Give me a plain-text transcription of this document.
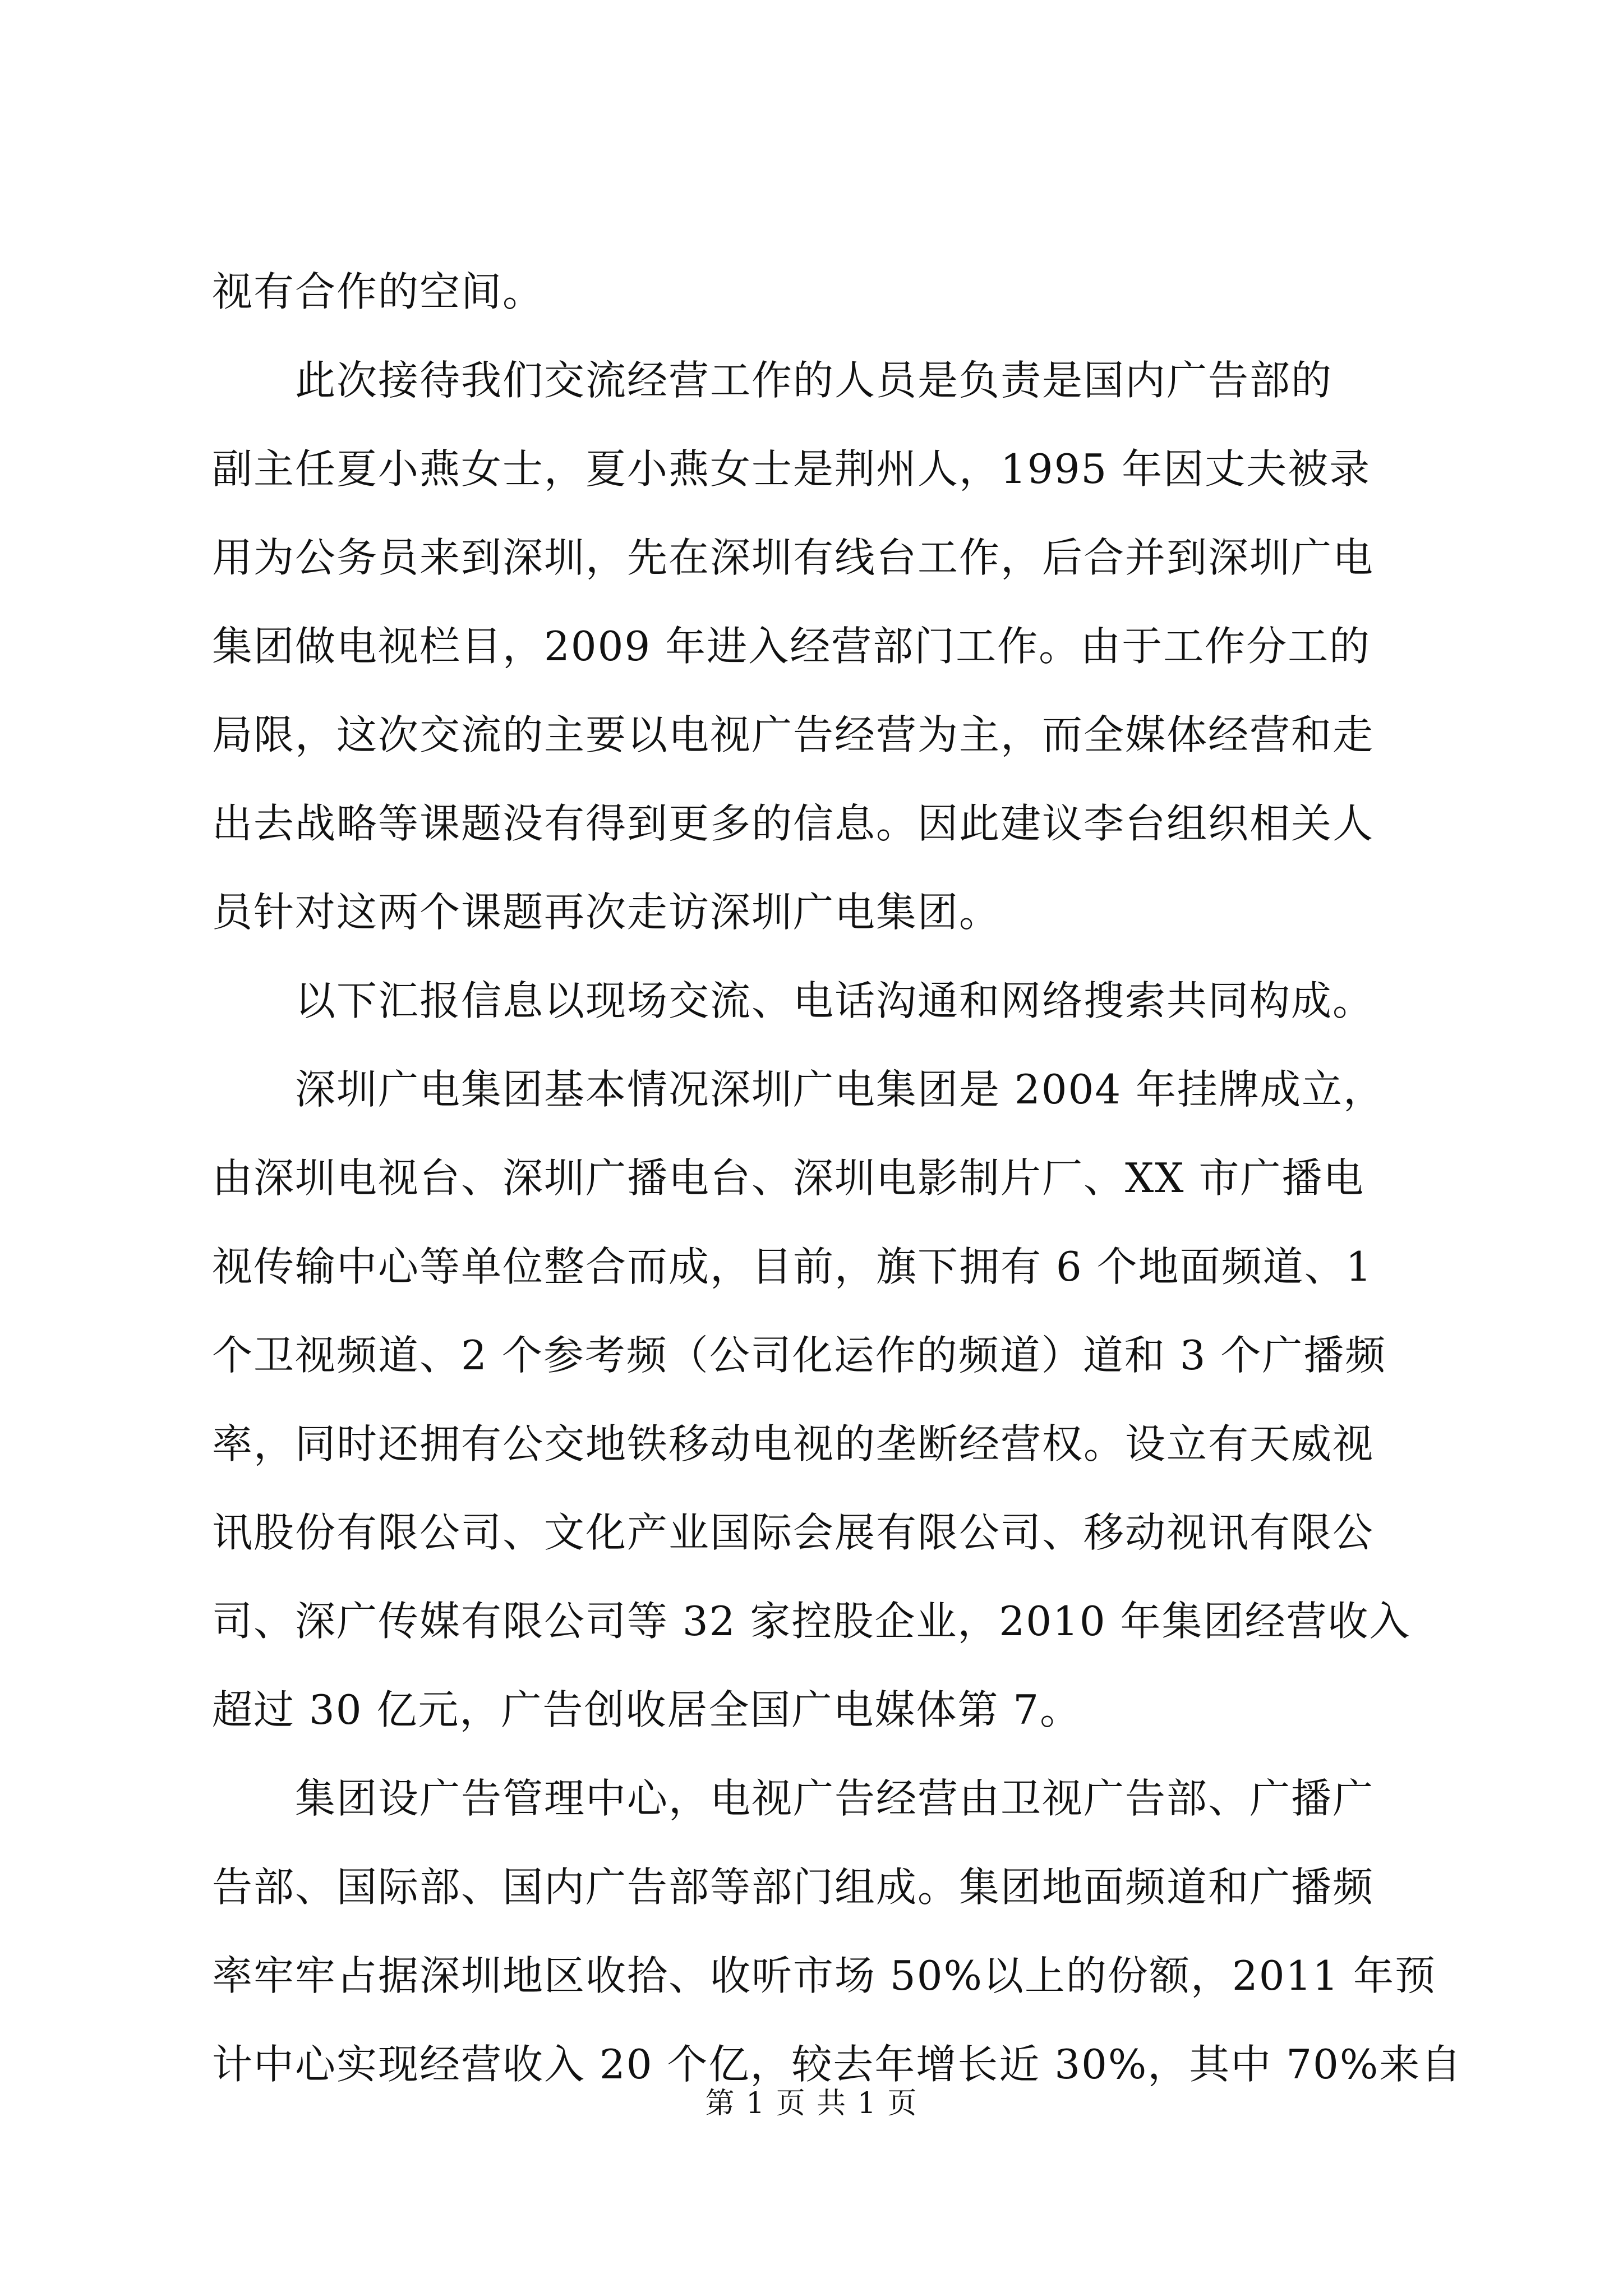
视有合作的空间。
此次接待我们交流经营工作的人员是负责是国内广告部的
副主任夏小燕女士，夏小燕女士是荆州人，1995 年因丈夫被录
用为公务员来到深圳，先在深圳有线台工作，后合并到深圳广电
集团做电视栏目，2009 年进入经营部门工作。由于工作分工的
局限，这次交流的主要以电视广告经营为主，而全媒体经营和走
出去战略等课题没有得到更多的信息。因此建议李台组织相关人
员针对这两个课题再次走访深圳广电集团。
以下汇报信息以现场交流、电话沟通和网络搜索共同构成。
深圳广电集团基本情况深圳广电集团是 2004 年挂牌成立，
由深圳电视台、深圳广播电台、深圳电影制片厂、XX 市广播电
视传输中心等单位整合而成，目前，旗下拥有 6 个地面频道、1
个卫视频道、2 个参考频（公司化运作的频道）道和 3 个广播频
率，同时还拥有公交地铁移动电视的垄断经营权。设立有天威视
讯股份有限公司、文化产业国际会展有限公司、移动视讯有限公
司、深广传媒有限公司等 32 家控股企业，2010 年集团经营收入
超过 30 亿元，广告创收居全国广电媒体第 7。
集团设广告管理中心，电视广告经营由卫视广告部、广播广
告部、国际部、国内广告部等部门组成。集团地面频道和广播频
率牢牢占据深圳地区收拾、收听市场 50%以上的份额，2011 年预
计中心实现经营收入 20 个亿，较去年增长近 30%，其中 70%来自
第 1 页 共 1 页
